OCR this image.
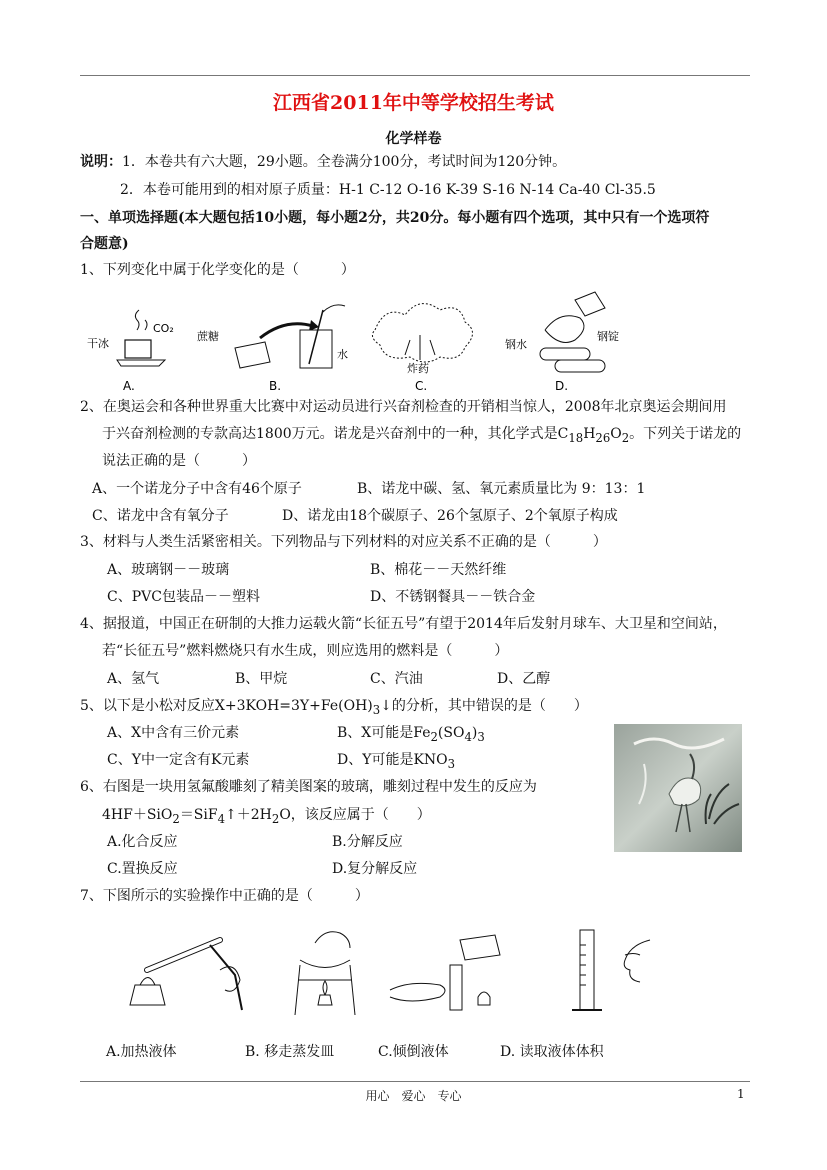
江西省2011年中等学校招生考试
化学样卷
说明：1．本卷共有六大题，29小题。全卷满分100分，考试时间为120分钟。
2．本卷可能用到的相对原子质量：H-1 C-12 O-16 K-39 S-16 N-14 Ca-40 Cl-35.5
一、单项选择题(本大题包括10小题，每小题2分，共20分。每小题有四个选项，其中只有一个选项符
合题意)
1、下列变化中属于化学变化的是（　　　）
干冰
CO₂
A.
蔗糖
水
B.
炸药
C.
钢水
钢锭
D.
2、在奥运会和各种世界重大比赛中对运动员进行兴奋剂检查的开销相当惊人，2008年北京奥运会期间用
于兴奋剂检测的专款高达1800万元。诺龙是兴奋剂中的一种，其化学式是$C_{18}H_{26}O_2$。下列关于诺龙的
说法正确的是（　　　）
A、一个诺龙分子中含有46个原子	B、诺龙中碳、氢、氧元素质量比为 9：13：1
C、诺龙中含有氧分子	D、诺龙由18个碳原子、26个氢原子、2个氧原子构成
3、材料与人类生活紧密相关。下列物品与下列材料的对应关系不正确的是（　　　）
A、玻璃钢－－玻璃	B、棉花－－天然纤维
C、PVC包装品－－塑料	D、不锈钢餐具－－铁合金
4、据报道，中国正在研制的大推力运载火箭“长征五号”有望于2014年后发射月球车、大卫星和空间站，
若“长征五号”燃料燃烧只有水生成，则应选用的燃料是（　　　）
A、氢气	B、甲烷	C、汽油	D、乙醇
5、以下是小松对反应$X+3KOH=3Y+Fe(OH)_3↓$的分析，其中错误的是（　　）
A、X中含有三价元素	B、X可能是$Fe_2(SO_4)_3$
C、Y中一定含有K元素	D、Y可能是$KNO_3$
6、右图是一块用氢氟酸雕刻了精美图案的玻璃，雕刻过程中发生的反应为
$4HF+SiO_2=SiF_4↑+2H_2O$，该反应属于（　　）
A.化合反应	B.分解反应
C.置换反应	D.复分解反应
7、下图所示的实验操作中正确的是（　　　）
A.加热液体	B. 移走蒸发皿	C.倾倒液体	D. 读取液体体积
用心　爱心　专心	1
